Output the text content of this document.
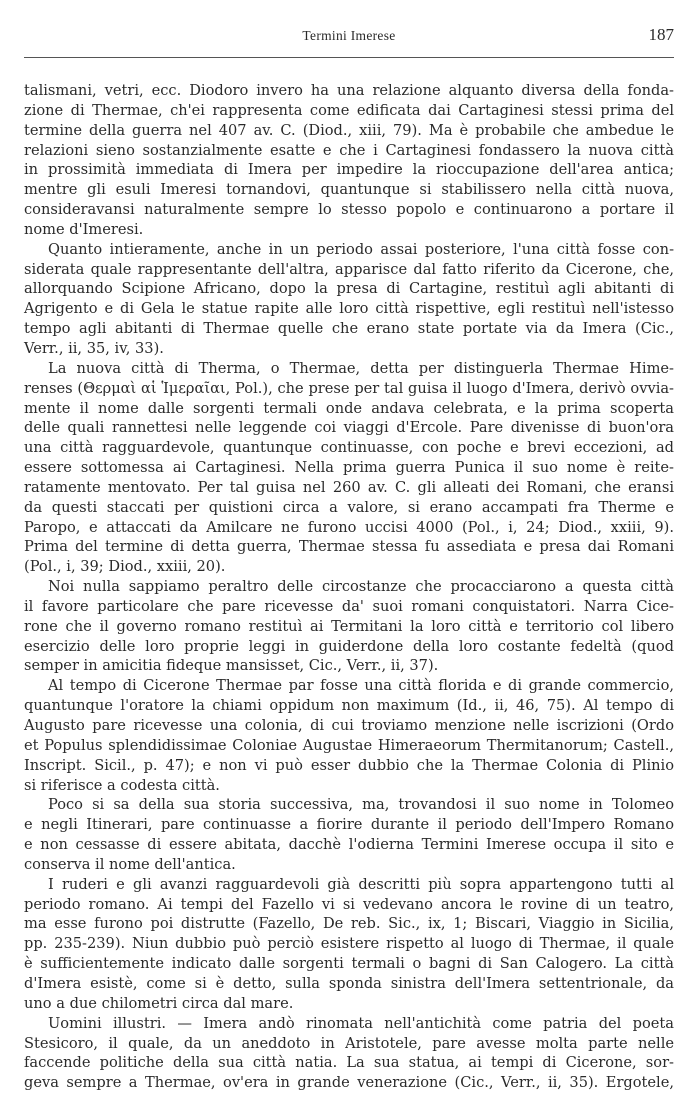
Termini Imerese	187
talismani, vetri, ecc. Diodoro invero ha una relazione alquanto diversa della fonda-
zione di Thermae, ch'ei rappresenta come edificata dai Cartaginesi stessi prima del
termine della guerra nel 407 av. C. (Diod., xiii, 79). Ma è probabile che ambedue le
relazioni sieno sostanzialmente esatte e che i Cartaginesi fondassero la nuova città
in prossimità immediata di Imera per impedire la rioccupazione dell'area antica;
mentre gli esuli Imeresi tornandovi, quantunque si stabilissero nella città nuova,
consideravansi naturalmente sempre lo stesso popolo e continuarono a portare il
nome d'Imeresi.
Quanto intieramente, anche in un periodo assai posteriore, l'una città fosse con-
siderata quale rappresentante dell'altra, apparisce dal fatto riferito da Cicerone, che,
allorquando Scipione Africano, dopo la presa di Cartagine, restituì agli abitanti di
Agrigento e di Gela le statue rapite alle loro città rispettive, egli restituì nell'istesso
tempo agli abitanti di Thermae quelle che erano state portate via da Imera (Cic.,
Verr., ii, 35, iv, 33).
La nuova città di Therma, o Thermae, detta per distinguerla Thermae Hime-
renses (Θερμαὶ αἱ Ἱμεραῖαι, Pol.), che prese per tal guisa il luogo d'Imera, derivò ovvia-
mente il nome dalle sorgenti termali onde andava celebrata, e la prima scoperta
delle quali rannettesi nelle leggende coi viaggi d'Ercole. Pare divenisse di buon'ora
una città ragguardevole, quantunque continuasse, con poche e brevi eccezioni, ad
essere sottomessa ai Cartaginesi. Nella prima guerra Punica il suo nome è reite-
ratamente mentovato. Per tal guisa nel 260 av. C. gli alleati dei Romani, che eransi
da questi staccati per quistioni circa a valore, si erano accampati fra Therme e
Paropo, e attaccati da Amilcare ne furono uccisi 4000 (Pol., i, 24; Diod., xxiii, 9).
Prima del termine di detta guerra, Thermae stessa fu assediata e presa dai Romani
(Pol., i, 39; Diod., xxiii, 20).
Noi nulla sappiamo peraltro delle circostanze che procacciarono a questa città
il favore particolare che pare ricevesse da' suoi romani conquistatori. Narra Cice-
rone che il governo romano restituì ai Termitani la loro città e territorio col libero
esercizio delle loro proprie leggi in guiderdone della loro costante fedeltà (quod
semper in amicitia fideque mansisset, Cic., Verr., ii, 37).
Al tempo di Cicerone Thermae par fosse una città florida e di grande commercio,
quantunque l'oratore la chiami oppidum non maximum (Id., ii, 46, 75). Al tempo di
Augusto pare ricevesse una colonia, di cui troviamo menzione nelle iscrizioni (Ordo
et Populus splendidissimae Coloniae Augustae Himeraeorum Thermitanorum; Castell.,
Inscript. Sicil., p. 47); e non vi può esser dubbio che la Thermae Colonia di Plinio
si riferisce a codesta città.
Poco si sa della sua storia successiva, ma, trovandosi il suo nome in Tolomeo
e negli Itinerari, pare continuasse a fiorire durante il periodo dell'Impero Romano
e non cessasse di essere abitata, dacchè l'odierna Termini Imerese occupa il sito e
conserva il nome dell'antica.
I ruderi e gli avanzi ragguardevoli già descritti più sopra appartengono tutti al
periodo romano. Ai tempi del Fazello vi si vedevano ancora le rovine di un teatro,
ma esse furono poi distrutte (Fazello, De reb. Sic., ix, 1; Biscari, Viaggio in Sicilia,
pp. 235-239). Niun dubbio può perciò esistere rispetto al luogo di Thermae, il quale
è sufficientemente indicato dalle sorgenti termali o bagni di San Calogero. La città
d'Imera esistè, come si è detto, sulla sponda sinistra dell'Imera settentrionale, da
uno a due chilometri circa dal mare.
Uomini illustri. — Imera andò rinomata nell'antichità come patria del poeta
Stesicoro, il quale, da un aneddoto in Aristotele, pare avesse molta parte nelle
faccende politiche della sua città natia. La sua statua, ai tempi di Cicerone, sor-
geva sempre a Thermae, ov'era in grande venerazione (Cic., Verr., ii, 35). Ergotele,
